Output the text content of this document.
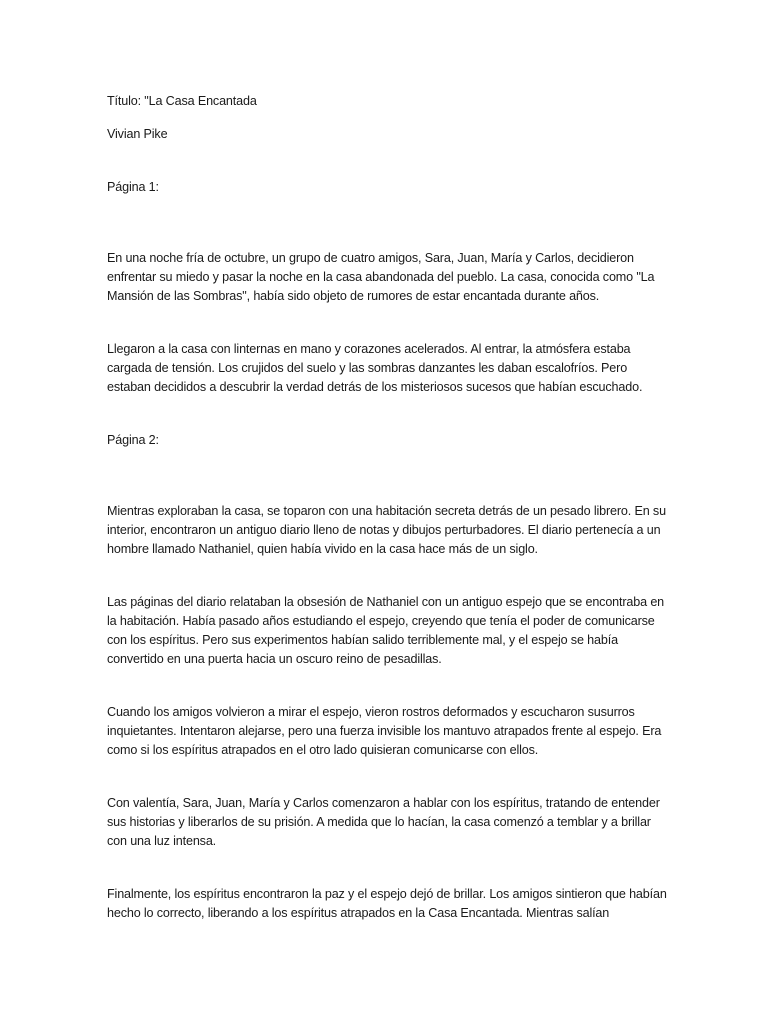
Título: "La Casa Encantada

Vivian Pike

Página 1:

En una noche fría de octubre, un grupo de cuatro amigos, Sara, Juan, María y Carlos, decidieron enfrentar su miedo y pasar la noche en la casa abandonada del pueblo. La casa, conocida como "La Mansión de las Sombras", había sido objeto de rumores de estar encantada durante años.

Llegaron a la casa con linternas en mano y corazones acelerados. Al entrar, la atmósfera estaba cargada de tensión. Los crujidos del suelo y las sombras danzantes les daban escalofríos. Pero estaban decididos a descubrir la verdad detrás de los misteriosos sucesos que habían escuchado.

Página 2:

Mientras exploraban la casa, se toparon con una habitación secreta detrás de un pesado librero. En su interior, encontraron un antiguo diario lleno de notas y dibujos perturbadores. El diario pertenecía a un hombre llamado Nathaniel, quien había vivido en la casa hace más de un siglo.

Las páginas del diario relataban la obsesión de Nathaniel con un antiguo espejo que se encontraba en la habitación. Había pasado años estudiando el espejo, creyendo que tenía el poder de comunicarse con los espíritus. Pero sus experimentos habían salido terriblemente mal, y el espejo se había convertido en una puerta hacia un oscuro reino de pesadillas.

Cuando los amigos volvieron a mirar el espejo, vieron rostros deformados y escucharon susurros inquietantes. Intentaron alejarse, pero una fuerza invisible los mantuvo atrapados frente al espejo. Era como si los espíritus atrapados en el otro lado quisieran comunicarse con ellos.

Con valentía, Sara, Juan, María y Carlos comenzaron a hablar con los espíritus, tratando de entender sus historias y liberarlos de su prisión. A medida que lo hacían, la casa comenzó a temblar y a brillar con una luz intensa.

Finalmente, los espíritus encontraron la paz y el espejo dejó de brillar. Los amigos sintieron que habían hecho lo correcto, liberando a los espíritus atrapados en la Casa Encantada. Mientras salían
